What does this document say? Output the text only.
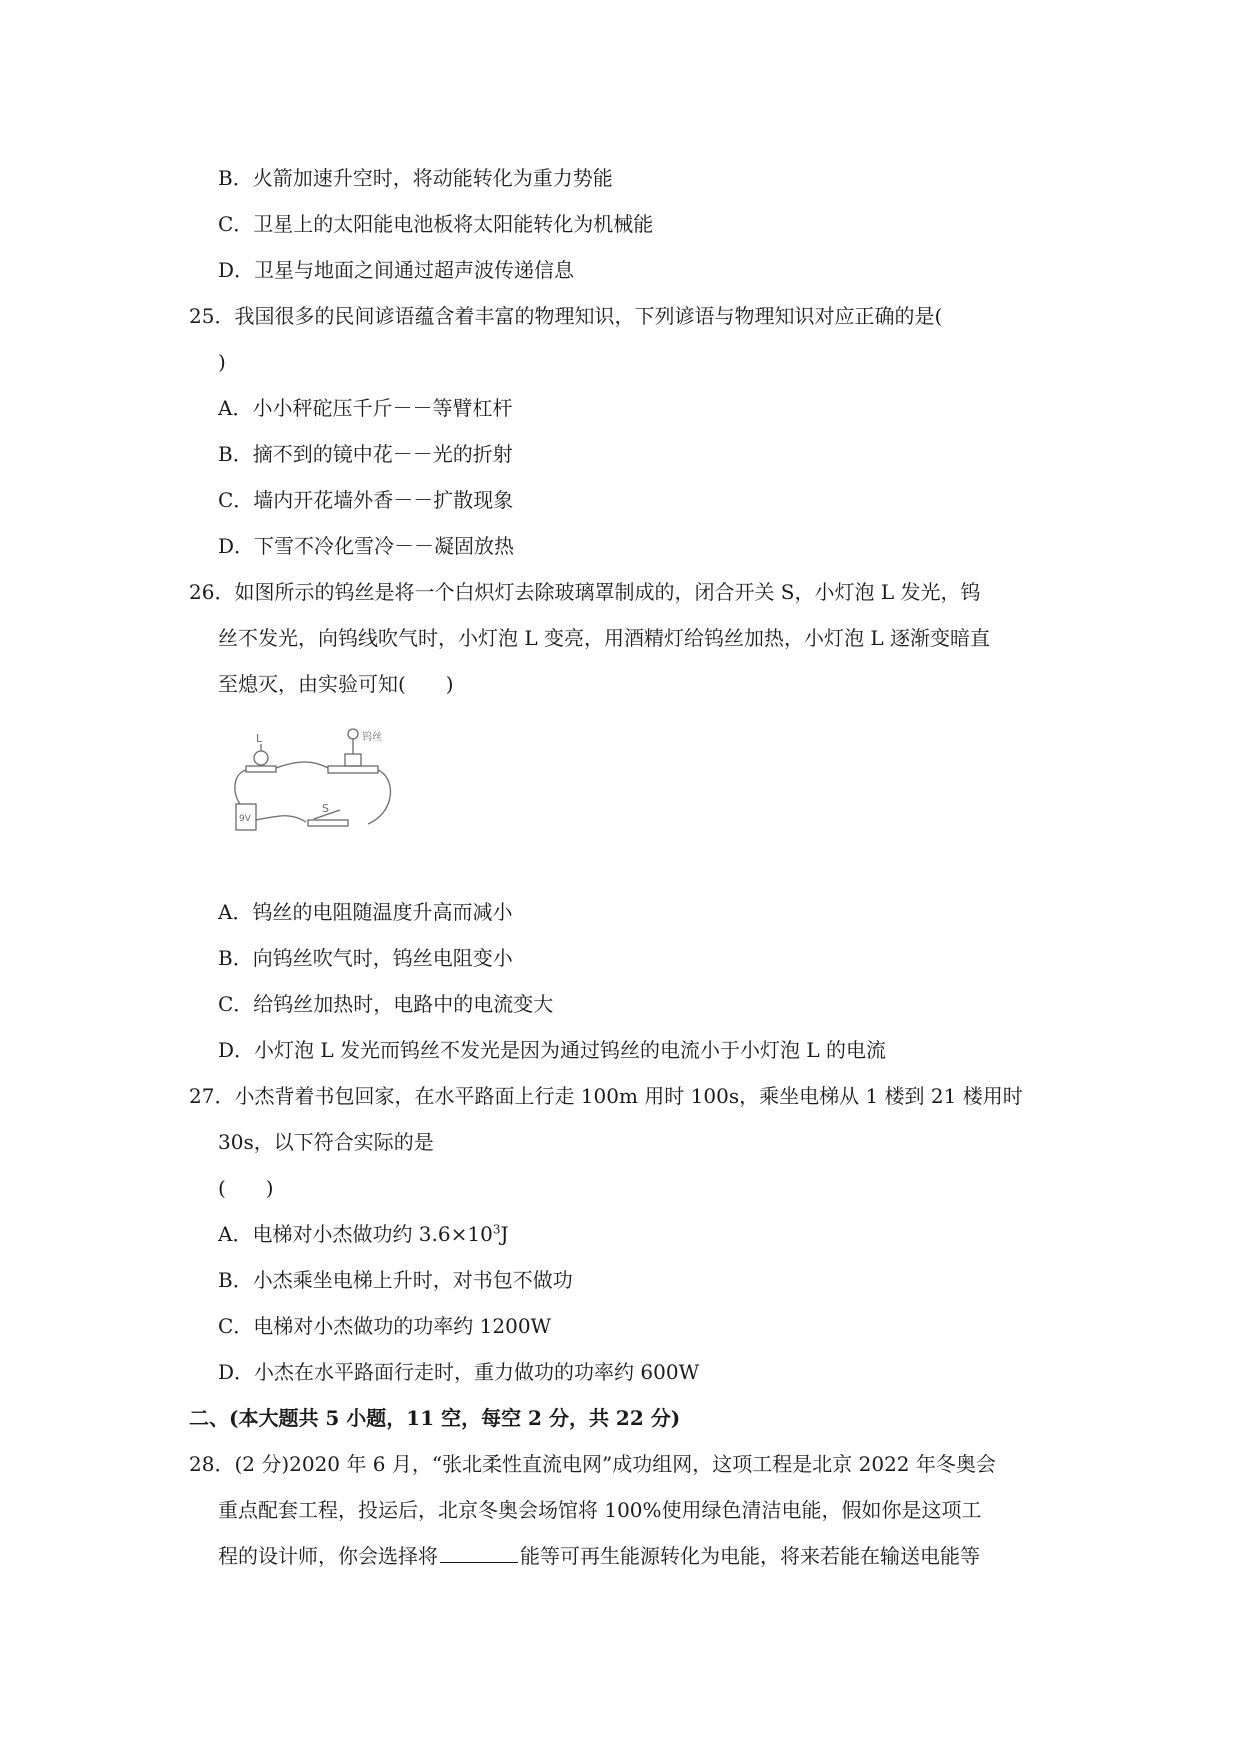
B．火箭加速升空时，将动能转化为重力势能
C．卫星上的太阳能电池板将太阳能转化为机械能
D．卫星与地面之间通过超声波传递信息
25．我国很多的民间谚语蕴含着丰富的物理知识，下列谚语与物理知识对应正确的是(
)
A．小小秤砣压千斤－－等臂杠杆
B．摘不到的镜中花－－光的折射
C．墙内开花墙外香－－扩散现象
D．下雪不冷化雪冷－－凝固放热
26．如图所示的钨丝是将一个白炽灯去除玻璃罩制成的，闭合开关 S，小灯泡 L 发光，钨
丝不发光，向钨线吹气时，小灯泡 L 变亮，用酒精灯给钨丝加热，小灯泡 L 逐渐变暗直
至熄灭，由实验可知(　　)
L	钨丝
S
9V
A．钨丝的电阻随温度升高而减小
B．向钨丝吹气时，钨丝电阻变小
C．给钨丝加热时，电路中的电流变大
D．小灯泡 L 发光而钨丝不发光是因为通过钨丝的电流小于小灯泡 L 的电流
27．小杰背着书包回家，在水平路面上行走 100m 用时 100s，乘坐电梯从 1 楼到 21 楼用时
30s，以下符合实际的是
(　　)
A．电梯对小杰做功约 $3.6\times 10^3J$
B．小杰乘坐电梯上升时，对书包不做功
C．电梯对小杰做功的功率约 1200W
D．小杰在水平路面行走时，重力做功的功率约 600W
二、(本大题共 5 小题，11 空，每空 2 分，共 22 分)
28．(2 分)2020 年 6 月，“张北柔性直流电网”成功组网，这项工程是北京 2022 年冬奥会
重点配套工程，投运后，北京冬奥会场馆将 100%使用绿色清洁电能，假如你是这项工
程的设计师，你会选择将	能等可再生能源转化为电能，将来若能在输送电能等
